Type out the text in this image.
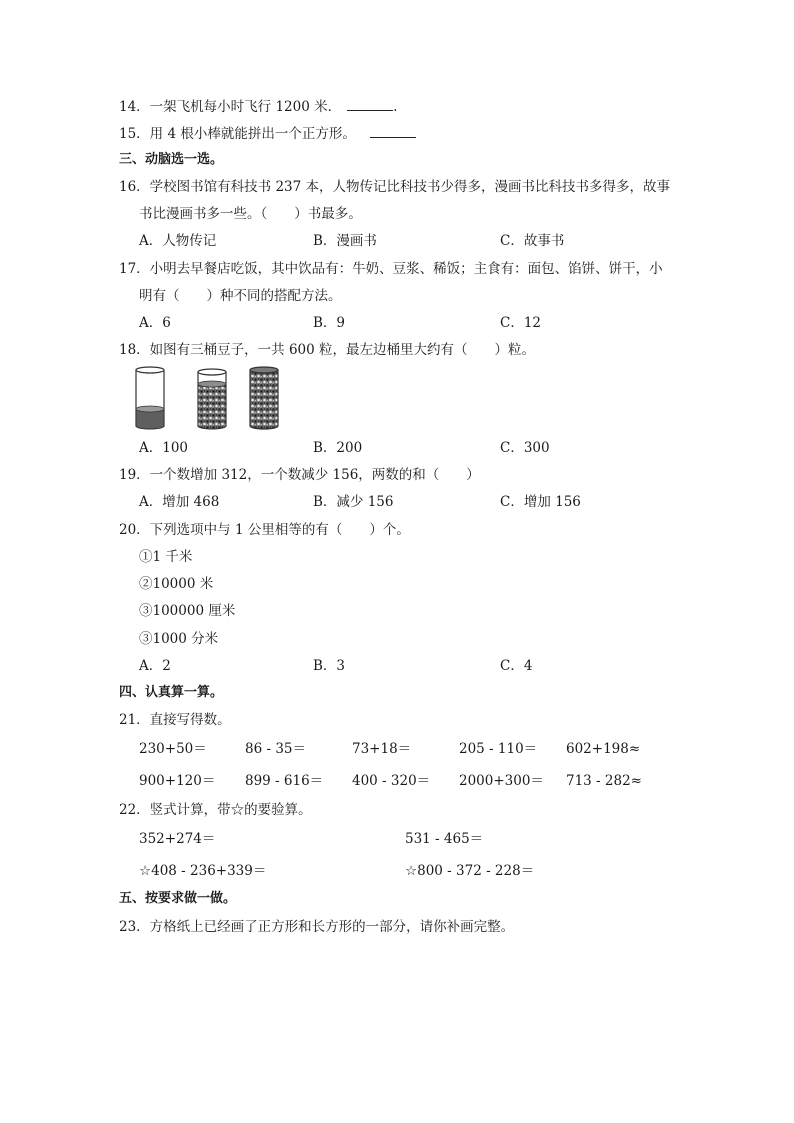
14．一架飞机每小时飞行 1200 米．	.
15．用 4 根小棒就能拼出一个正方形。
三、动脑选一选。
16．学校图书馆有科技书 237 本，人物传记比科技书少得多，漫画书比科技书多得多，故事
书比漫画书多一些。（　　）书最多。
A．人物传记	B．漫画书	C．故事书
17．小明去早餐店吃饭，其中饮品有：牛奶、豆浆、稀饭；主食有：面包、馅饼、饼干，小
明有（　　）种不同的搭配方法。
A．6	B．9	C．12
18．如图有三桶豆子，一共 600 粒，最左边桶里大约有（　　）粒。
A．100	B．200	C．300
19．一个数增加 312，一个数减少 156，两数的和（　　）
A．增加 468	B．减少 156	C．增加 156
20．下列选项中与 1 公里相等的有（　　）个。
①1 千米
②10000 米
③100000 厘米
③1000 分米
A．2	B．3	C．4
四、认真算一算。
21．直接写得数。
230+50＝	86 - 35＝	73+18＝	205 - 110＝ 602+198≈
900+120＝ 899 - 616＝ 400 - 320＝ 2000+300＝ 713 - 282≈
22．竖式计算，带☆的要验算。
352+274＝	531 - 465＝
☆408 - 236+339＝	☆800 - 372 - 228＝
五、按要求做一做。
23．方格纸上已经画了正方形和长方形的一部分，请你补画完整。
